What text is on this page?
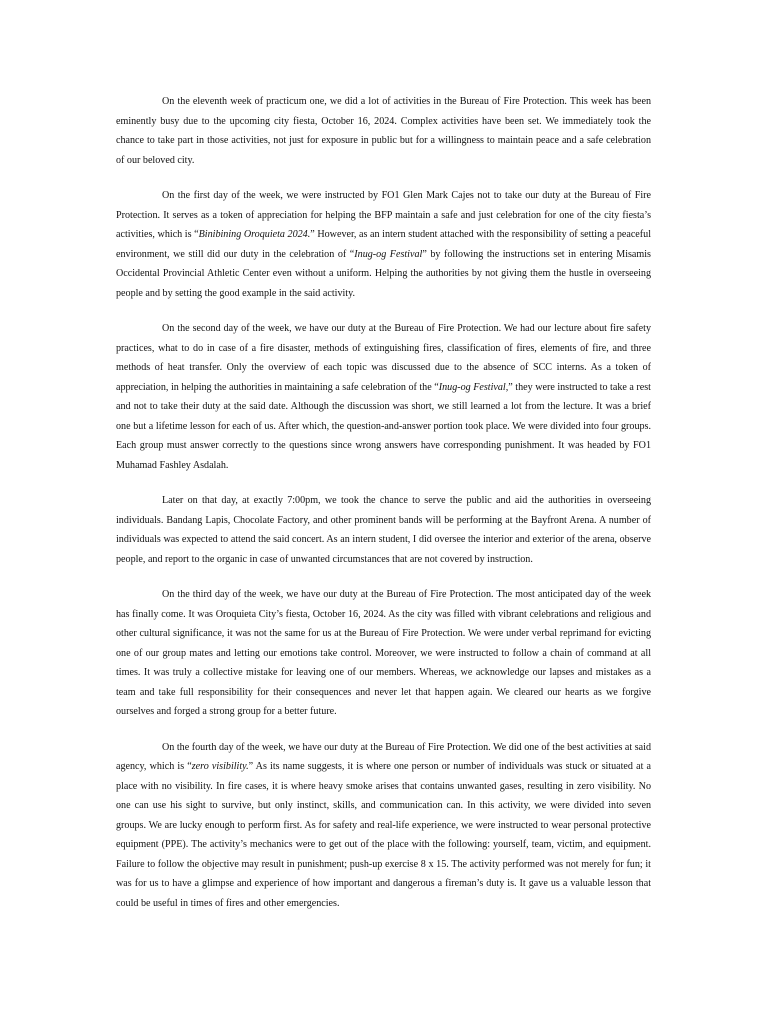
On the eleventh week of practicum one, we did a lot of activities in the Bureau of Fire Protection. This week has been eminently busy due to the upcoming city fiesta, October 16, 2024. Complex activities have been set. We immediately took the chance to take part in those activities, not just for exposure in public but for a willingness to maintain peace and a safe celebration of our beloved city.

On the first day of the week, we were instructed by FO1 Glen Mark Cajes not to take our duty at the Bureau of Fire Protection. It serves as a token of appreciation for helping the BFP maintain a safe and just celebration for one of the city fiesta’s activities, which is “Binibining Oroquieta 2024.” However, as an intern student attached with the responsibility of setting a peaceful environment, we still did our duty in the celebration of “Inug-og Festival” by following the instructions set in entering Misamis Occidental Provincial Athletic Center even without a uniform. Helping the authorities by not giving them the hustle in overseeing people and by setting the good example in the said activity.

On the second day of the week, we have our duty at the Bureau of Fire Protection. We had our lecture about fire safety practices, what to do in case of a fire disaster, methods of extinguishing fires, classification of fires, elements of fire, and three methods of heat transfer. Only the overview of each topic was discussed due to the absence of SCC interns. As a token of appreciation, in helping the authorities in maintaining a safe celebration of the “Inug-og Festival,” they were instructed to take a rest and not to take their duty at the said date. Although the discussion was short, we still learned a lot from the lecture. It was a brief one but a lifetime lesson for each of us. After which, the question-and-answer portion took place. We were divided into four groups. Each group must answer correctly to the questions since wrong answers have corresponding punishment. It was headed by FO1 Muhamad Fashley Asdalah.

Later on that day, at exactly 7:00pm, we took the chance to serve the public and aid the authorities in overseeing individuals. Bandang Lapis, Chocolate Factory, and other prominent bands will be performing at the Bayfront Arena. A number of individuals was expected to attend the said concert. As an intern student, I did oversee the interior and exterior of the arena, observe people, and report to the organic in case of unwanted circumstances that are not covered by instruction.

On the third day of the week, we have our duty at the Bureau of Fire Protection. The most anticipated day of the week has finally come. It was Oroquieta City’s fiesta, October 16, 2024. As the city was filled with vibrant celebrations and religious and other cultural significance, it was not the same for us at the Bureau of Fire Protection. We were under verbal reprimand for evicting one of our group mates and letting our emotions take control. Moreover, we were instructed to follow a chain of command at all times. It was truly a collective mistake for leaving one of our members. Whereas, we acknowledge our lapses and mistakes as a team and take full responsibility for their consequences and never let that happen again. We cleared our hearts as we forgive ourselves and forged a strong group for a better future.

On the fourth day of the week, we have our duty at the Bureau of Fire Protection. We did one of the best activities at said agency, which is “zero visibility.” As its name suggests, it is where one person or number of individuals was stuck or situated at a place with no visibility. In fire cases, it is where heavy smoke arises that contains unwanted gases, resulting in zero visibility. No one can use his sight to survive, but only instinct, skills, and communication can. In this activity, we were divided into seven groups. We are lucky enough to perform first. As for safety and real-life experience, we were instructed to wear personal protective equipment (PPE). The activity’s mechanics were to get out of the place with the following: yourself, team, victim, and equipment. Failure to follow the objective may result in punishment; push-up exercise 8 x 15. The activity performed was not merely for fun; it was for us to have a glimpse and experience of how important and dangerous a fireman’s duty is. It gave us a valuable lesson that could be useful in times of fires and other emergencies.
